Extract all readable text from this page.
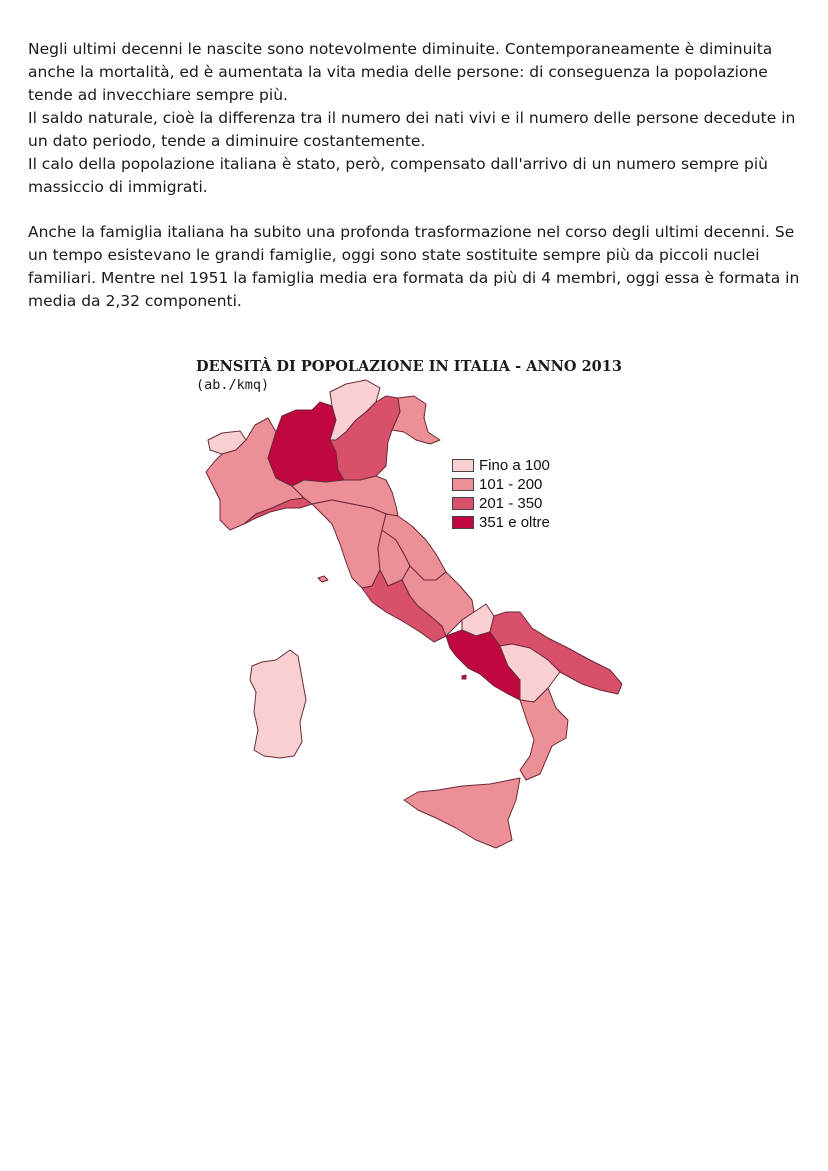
Negli ultimi decenni le nascite sono notevolmente diminuite. Contemporaneamente è diminuita anche la mortalità, ed è aumentata la vita media delle persone: di conseguenza la popolazione tende ad invecchiare sempre più.

Il saldo naturale, cioè la differenza tra il numero dei nati vivi e il numero delle persone decedute in un dato periodo, tende a diminuire costantemente.

Il calo della popolazione italiana è stato, però, compensato dall'arrivo di un numero sempre più massiccio di immigrati.

Anche la famiglia italiana ha subito una profonda trasformazione nel corso degli ultimi decenni. Se un tempo esistevano le grandi famiglie, oggi sono state sostituite sempre più da piccoli nuclei familiari. Mentre nel 1951 la famiglia media era formata da più di 4 membri, oggi essa è formata in media da 2,32 componenti.

DENSITÀ DI POPOLAZIONE IN ITALIA - ANNO 2013
(ab./kmq)
Fino a 100
101 - 200
201 - 350
351 e oltre
